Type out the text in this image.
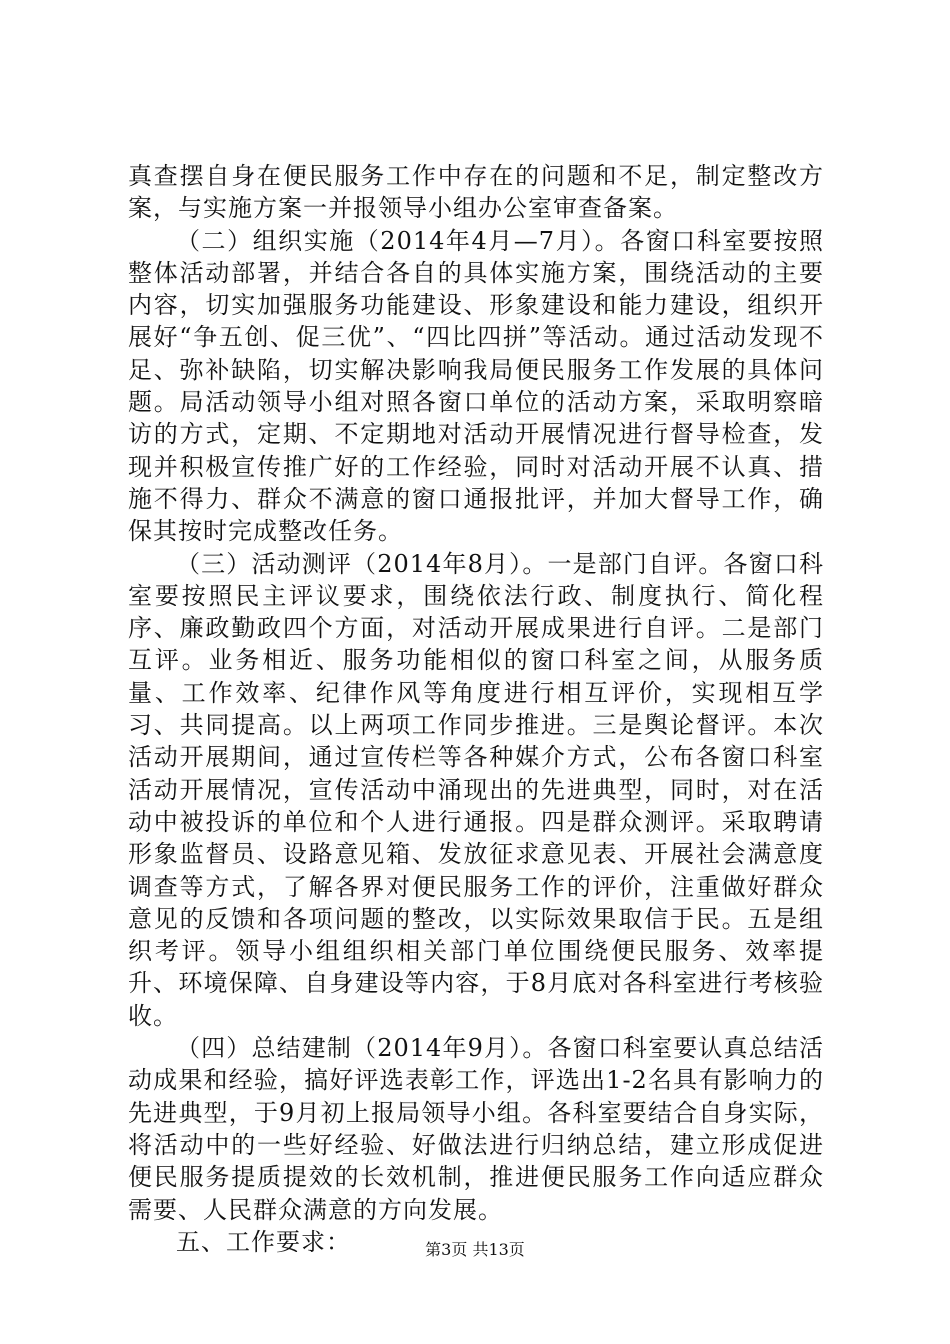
真查摆自身在便民服务工作中存在的问题和不足，制定整改方案，与实施方案一并报领导小组办公室审查备案。

（二）组织实施（2014年4月—7月）。各窗口科室要按照整体活动部署，并结合各自的具体实施方案，围绕活动的主要内容，切实加强服务功能建设、形象建设和能力建设，组织开展好“争五创、促三优”、“四比四拼”等活动。通过活动发现不足、弥补缺陷，切实解决影响我局便民服务工作发展的具体问题。局活动领导小组对照各窗口单位的活动方案，采取明察暗访的方式，定期、不定期地对活动开展情况进行督导检查，发现并积极宣传推广好的工作经验，同时对活动开展不认真、措施不得力、群众不满意的窗口通报批评，并加大督导工作，确保其按时完成整改任务。

（三）活动测评（2014年8月）。一是部门自评。各窗口科室要按照民主评议要求，围绕依法行政、制度执行、简化程序、廉政勤政四个方面，对活动开展成果进行自评。二是部门互评。业务相近、服务功能相似的窗口科室之间，从服务质量、工作效率、纪律作风等角度进行相互评价，实现相互学习、共同提高。以上两项工作同步推进。三是舆论督评。本次活动开展期间，通过宣传栏等各种媒介方式，公布各窗口科室活动开展情况，宣传活动中涌现出的先进典型，同时，对在活动中被投诉的单位和个人进行通报。四是群众测评。采取聘请形象监督员、设路意见箱、发放征求意见表、开展社会满意度调查等方式，了解各界对便民服务工作的评价，注重做好群众意见的反馈和各项问题的整改，以实际效果取信于民。五是组织考评。领导小组组织相关部门单位围绕便民服务、效率提升、环境保障、自身建设等内容，于8月底对各科室进行考核验收。

（四）总结建制（2014年9月）。各窗口科室要认真总结活动成果和经验，搞好评选表彰工作，评选出1-2名具有影响力的先进典型，于9月初上报局领导小组。各科室要结合自身实际，将活动中的一些好经验、好做法进行归纳总结，建立形成促进便民服务提质提效的长效机制，推进便民服务工作向适应群众需要、人民群众满意的方向发展。

五、工作要求：	第3页 共13页
